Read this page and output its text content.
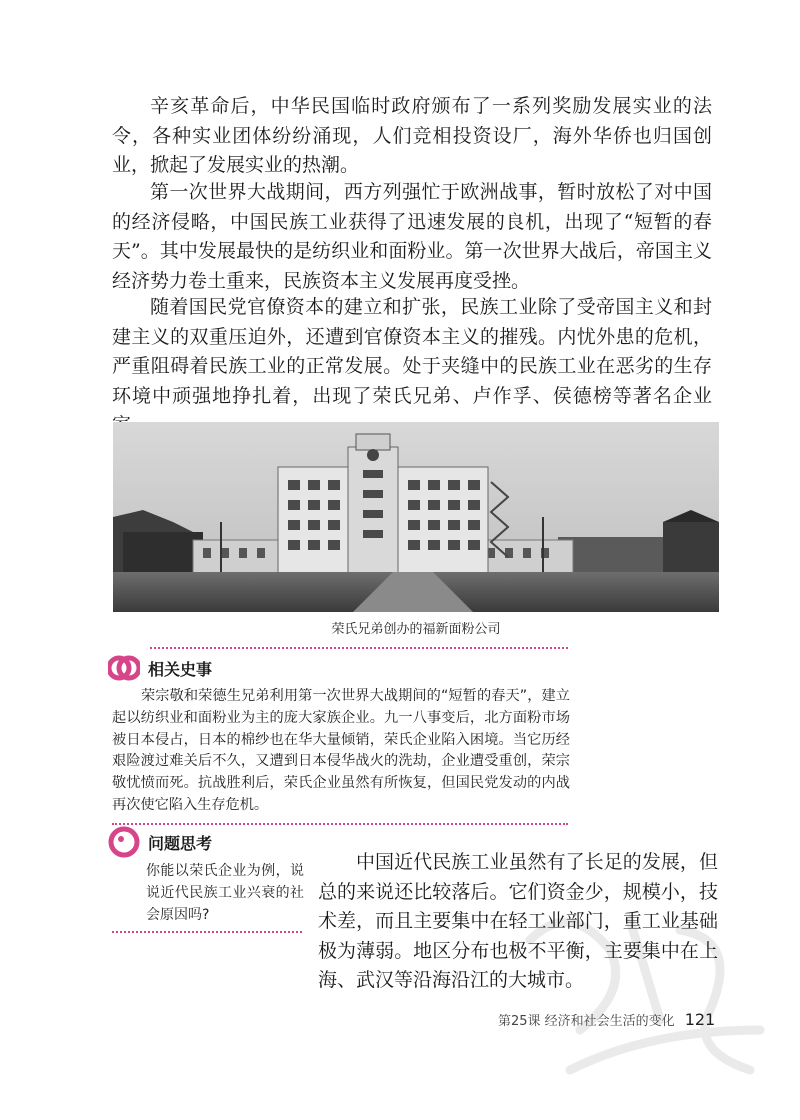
辛亥革命后，中华民国临时政府颁布了一系列奖励发展实业的法令，各种实业团体纷纷涌现，人们竞相投资设厂，海外华侨也归国创业，掀起了发展实业的热潮。

第一次世界大战期间，西方列强忙于欧洲战事，暂时放松了对中国的经济侵略，中国民族工业获得了迅速发展的良机，出现了“短暂的春天”。其中发展最快的是纺织业和面粉业。第一次世界大战后，帝国主义经济势力卷土重来，民族资本主义发展再度受挫。

随着国民党官僚资本的建立和扩张，民族工业除了受帝国主义和封建主义的双重压迫外，还遭到官僚资本主义的摧残。内忧外患的危机，严重阻碍着民族工业的正常发展。处于夹缝中的民族工业在恶劣的生存环境中顽强地挣扎着，出现了荣氏兄弟、卢作孚、侯德榜等著名企业

荣氏兄弟创办的福新面粉公司
相关史事

荣宗敬和荣德生兄弟利用第一次世界大战期间的“短暂的春天”，建立起以纺织业和面粉业为主的庞大家族企业。九一八事变后，北方面粉市场被日本侵占，日本的棉纱也在华大量倾销，荣氏企业陷入困境。当它历经艰险渡过难关后不久，又遭到日本侵华战火的洗劫，企业遭受重创，荣宗敬忧愤而死。抗战胜利后，荣氏企业虽然有所恢复，但国民党发动的内战再次使它陷入生存危机。

问题思考

你能以荣氏企业为例，说说近代民族工业兴衰的社会原因吗?

中国近代民族工业虽然有了长足的发展，但总的来说还比较落后。它们资金少，规模小，技术差，而且主要集中在轻工业部门，重工业基础极为薄弱。地区分布也极不平衡，主要集中在上海、武汉等沿海沿江的大城市。

第25课 经济和社会生活的变化 121
